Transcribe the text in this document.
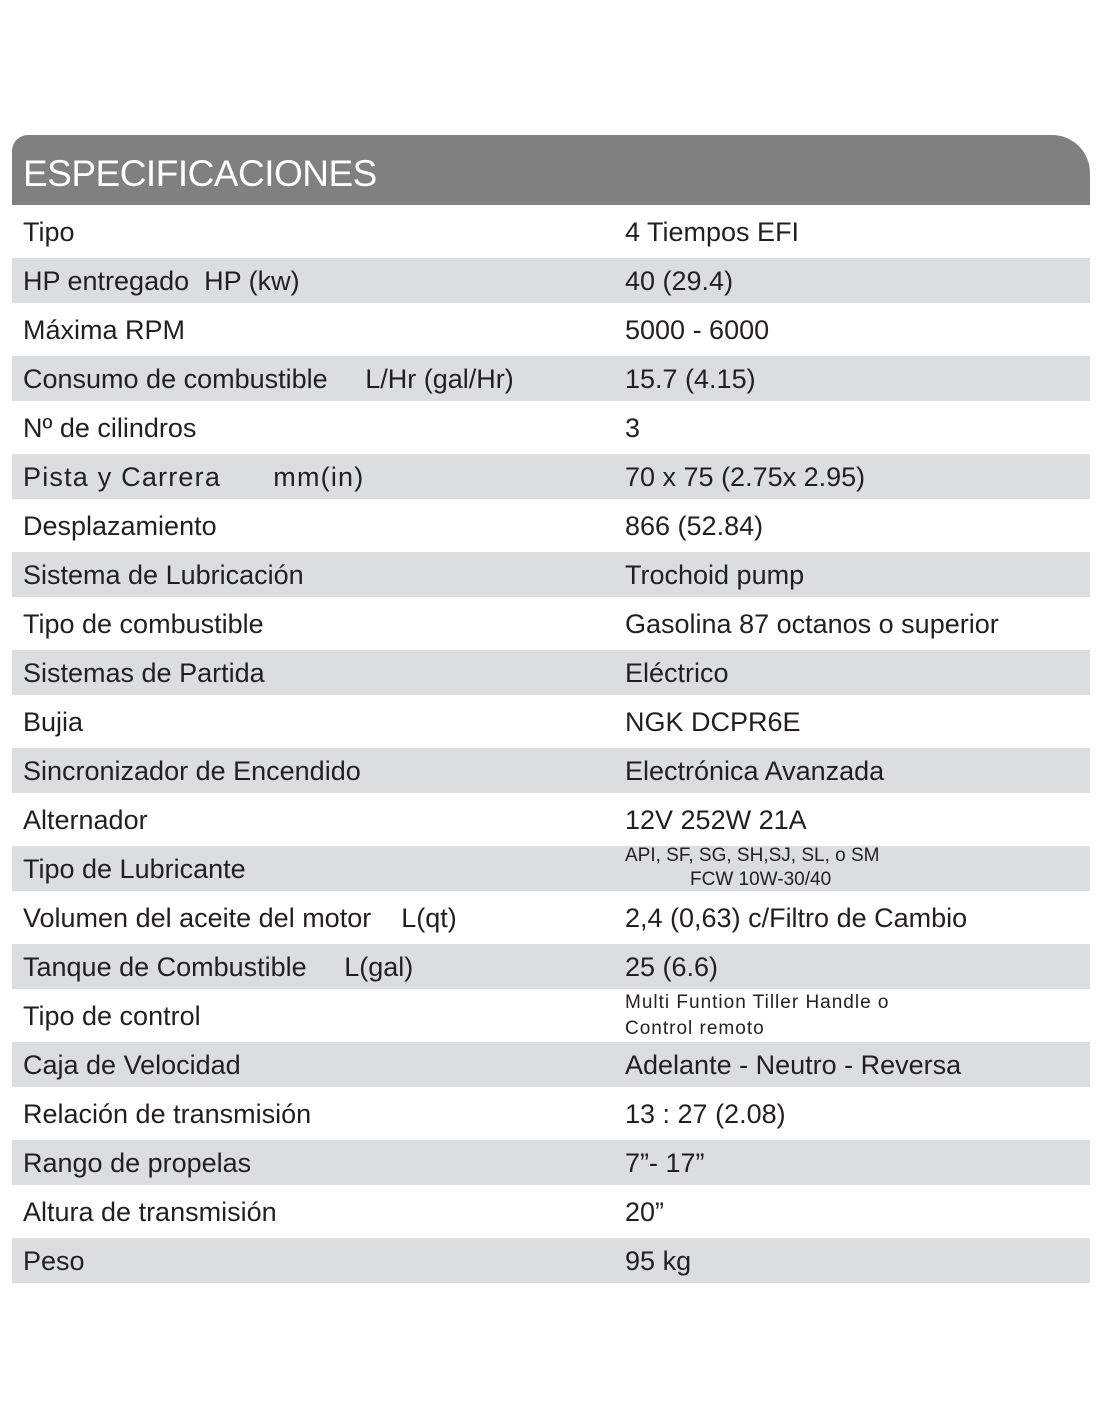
ESPECIFICACIONES
Tipo	4 Tiempos EFI
HP entregado HP (kw)	40 (29.4)
Máxima RPM	5000 - 6000
Consumo de combustible L/Hr (gal/Hr)	15.7 (4.15)
Nº de cilindros	3
Pista y Carrera mm(in)	70 x 75 (2.75x 2.95)
Desplazamiento	866 (52.84)
Sistema de Lubricación	Trochoid pump
Tipo de combustible	Gasolina 87 octanos o superior
Sistemas de Partida	Eléctrico
Bujia	NGK DCPR6E
Sincronizador de Encendido	Electrónica Avanzada
Alternador	12V 252W 21A
Tipo de Lubricante	API, SF, SG, SH,SJ, SL, o SM
FCW 10W-30/40
Volumen del aceite del motor L(qt)	2,4 (0,63) c/Filtro de Cambio
Tanque de Combustible L(gal)	25 (6.6)
Tipo de control	Multi Funtion Tiller Handle o
Control remoto
Caja de Velocidad	Adelante - Neutro - Reversa
Relación de transmisión	13 : 27 (2.08)
Rango de propelas	7”- 17”
Altura de transmisión	20”
Peso	95 kg
